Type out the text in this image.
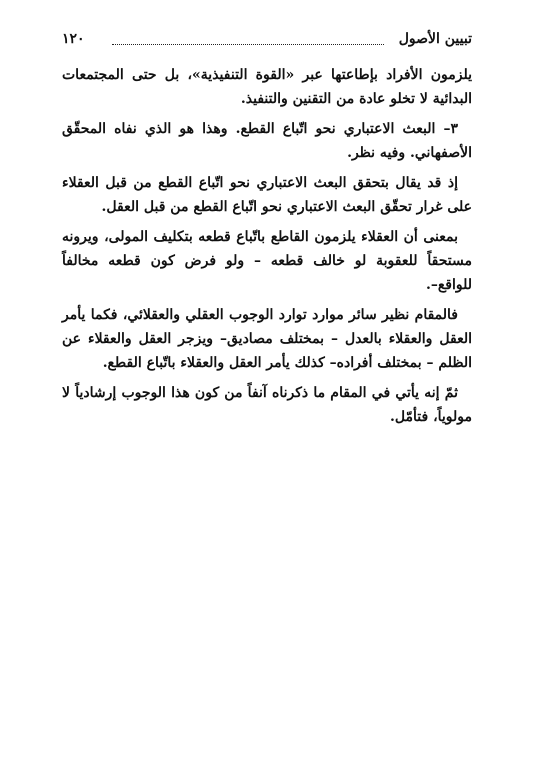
تبيين الأصول
١٢٠

يلزمون الأفراد بإطاعتها عبر «القوة التنفيذية»، بل حتى المجتمعات البدائية لا تخلو عادة من التقنين والتنفيذ.

٣– البعث الاعتباري نحو اتّباع القطع. وهذا هو الذي نفاه المحقّق الأصفهاني. وفيه نظر.

إذ قد يقال بتحقق البعث الاعتباري نحو اتّباع القطع من قبل العقلاء على غرار تحقّق البعث الاعتباري نحو اتّباع القطع من قبل العقل.

بمعنى أن العقلاء يلزمون القاطع باتّباع قطعه بتكليف المولى، ويرونه مستحقاً للعقوبة لو خالف قطعه – ولو فرض كون قطعه مخالفاً للواقع–.

فالمقام نظير سائر موارد توارد الوجوب العقلي والعقلائي، فكما يأمر العقل والعقلاء بالعدل – بمختلف مصاديق– ويزجر العقل والعقلاء عن الظلم – بمختلف أفراده– كذلك يأمر العقل والعقلاء باتّباع القطع.

ثمّ إنه يأتي في المقام ما ذكرناه آنفاً من كون هذا الوجوب إرشادياً لا مولوياً، فتأمّل.
